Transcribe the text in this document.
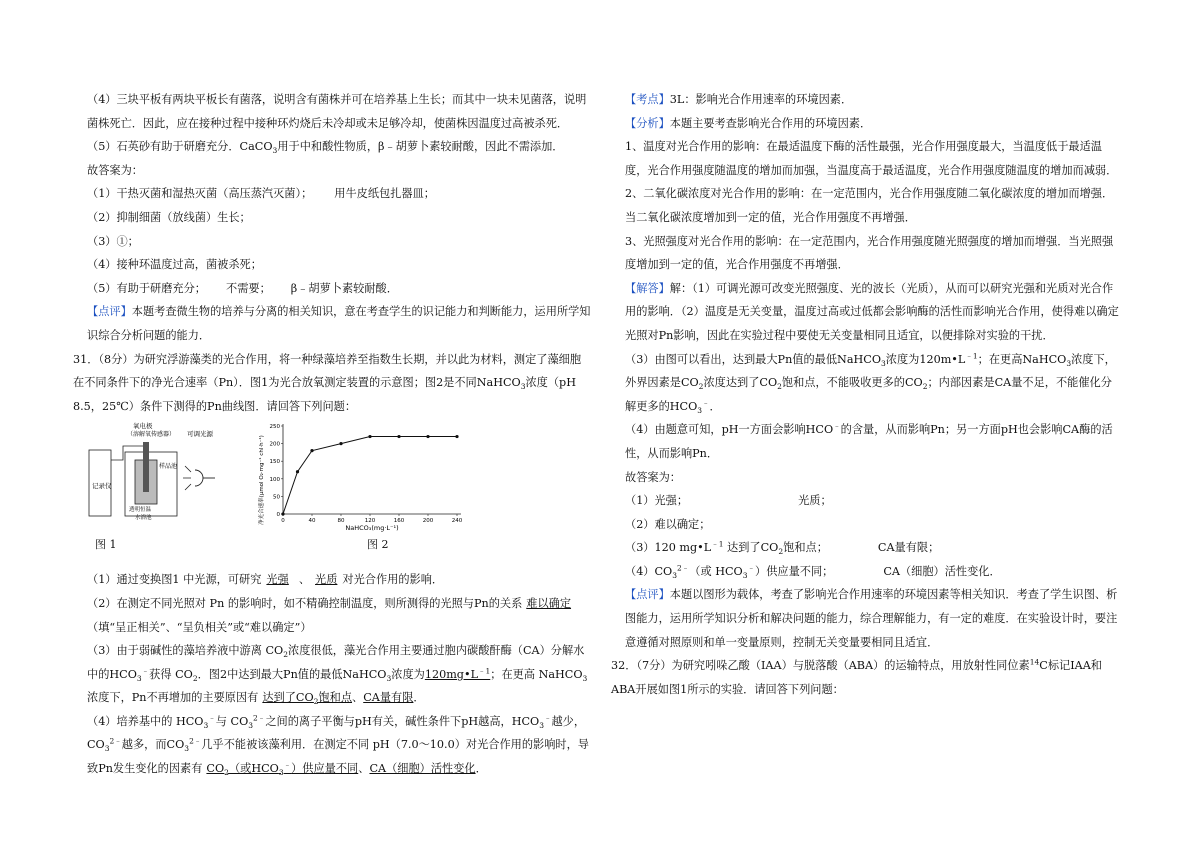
（4）三块平板有两块平板长有菌落，说明含有菌株并可在培养基上生长；而其中一块未见菌落，说明菌株死亡．因此，应在接种过程中接种环灼烧后未冷却或未足够冷却，使菌株因温度过高被杀死．

（5）石英砂有助于研磨充分．CaCO$_3$用于中和酸性物质，β﹣胡萝卜素较耐酸，因此不需添加．

故答案为：

（1）干热灭菌和湿热灭菌（高压蒸汽灭菌）； 用牛皮纸包扎器皿；

（2）抑制细菌（放线菌）生长；

（3）①；

（4）接种环温度过高，菌被杀死；

（5）有助于研磨充分； 不需要； β﹣胡萝卜素较耐酸．

【点评】本题考查微生物的培养与分离的相关知识，意在考查学生的识记能力和判断能力，运用所学知识综合分析问题的能力．

31．（8分）为研究浮游藻类的光合作用，将一种绿藻培养至指数生长期，并以此为材料，测定了藻细胞在不同条件下的净光合速率（Pn）．图1为光合放氧测定装置的示意图；图2是不同NaHCO$_3$浓度（pH 8.5，25℃）条件下测得的Pn曲线图．请回答下列问题：

记录仪
氧电极
（溶解氧传感器）
样品池
透明恒温
水浴池
可调光源
净光合速率(μmol O₂·mg⁻¹ chl·h⁻¹)	0	40	80	120	160	200	240
0
50
100
150
200
250
NaHCO₃(mg·L⁻¹)
图 1	图 2

（1）通过变换图1 中光源，可研究 光强 、 光质 对光合作用的影响．

（2）在测定不同光照对 Pn 的影响时，如不精确控制温度，则所测得的光照与Pn的关系 难以确定（填“呈正相关”、“呈负相关”或“难以确定”）

（3）由于弱碱性的藻培养液中游离 $CO_2$浓度很低，藻光合作用主要通过胞内碳酸酐酶（CA）分解水中的$HCO_3^﹣$获得 $CO_2$．图2中达到最大Pn值的最低NaHCO$_3$浓度为$120mg•L^{﹣1}$；在更高 NaHCO$_3$浓度下，Pn不再增加的主要原因有 达到了$CO_2$饱和点、CA量有限．

（4）培养基中的 $HCO_3^﹣$与 $CO_3^{2﹣}$之间的离子平衡与pH有关，碱性条件下pH越高，$HCO_3^﹣$越少，$CO_3^{2﹣}$越多，而$CO_3^{2﹣}$几乎不能被该藻利用．在测定不同 pH（7.0～10.0）对光合作用的影响时，导致Pn发生变化的因素有 $CO_2$（或$HCO_3^﹣$）供应量不同、CA（细胞）活性变化．

【考点】3L：影响光合作用速率的环境因素．

【分析】本题主要考查影响光合作用的环境因素．

1、温度对光合作用的影响：在最适温度下酶的活性最强，光合作用强度最大，当温度低于最适温度，光合作用强度随温度的增加而加强，当温度高于最适温度，光合作用强度随温度的增加而减弱．

2、二氧化碳浓度对光合作用的影响：在一定范围内，光合作用强度随二氧化碳浓度的增加而增强．当二氧化碳浓度增加到一定的值，光合作用强度不再增强．

3、光照强度对光合作用的影响：在一定范围内，光合作用强度随光照强度的增加而增强．当光照强度增加到一定的值，光合作用强度不再增强．

【解答】解：（1）可调光源可改变光照强度、光的波长（光质），从而可以研究光强和光质对光合作用的影响．（2）温度是无关变量，温度过高或过低都会影响酶的活性而影响光合作用，使得难以确定光照对Pn影响，因此在实验过程中要使无关变量相同且适宜，以便排除对实验的干扰．

（3）由图可以看出，达到最大Pn值的最低NaHCO$_3$浓度为$120m•L^{﹣1}$；在更高NaHCO$_3$浓度下，外界因素是$CO_2$浓度达到了$CO_2$饱和点，不能吸收更多的$CO_2$；内部因素是CA量不足，不能催化分解更多的$HCO_3^﹣$．

（4）由题意可知，pH一方面会影响HCO﹣的含量，从而影响Pn；另一方面pH也会影响CA酶的活性，从而影响Pn．

故答案为：

（1）光强；	光质；

（2）难以确定；

（3）120 $mg•L^{﹣1}$ 达到了$CO_2$饱和点；	CA量有限；

$(4)CO_3^{2﹣}$（或 $HCO_3^﹣$）供应量不同；	CA（细胞）活性变化．

【点评】本题以图形为载体，考查了影响光合作用速率的环境因素等相关知识．考查了学生识图、析图能力，运用所学知识分析和解决问题的能力，综合理解能力，有一定的难度．在实验设计时，要注意遵循对照原则和单一变量原则，控制无关变量要相同且适宜．

32．（7分）为研究吲哚乙酸（IAA）与脱落酸（ABA）的运输特点，用放射性同位素$^{14}$C标记IAA和ABA开展如图1所示的实验．请回答下列问题：
